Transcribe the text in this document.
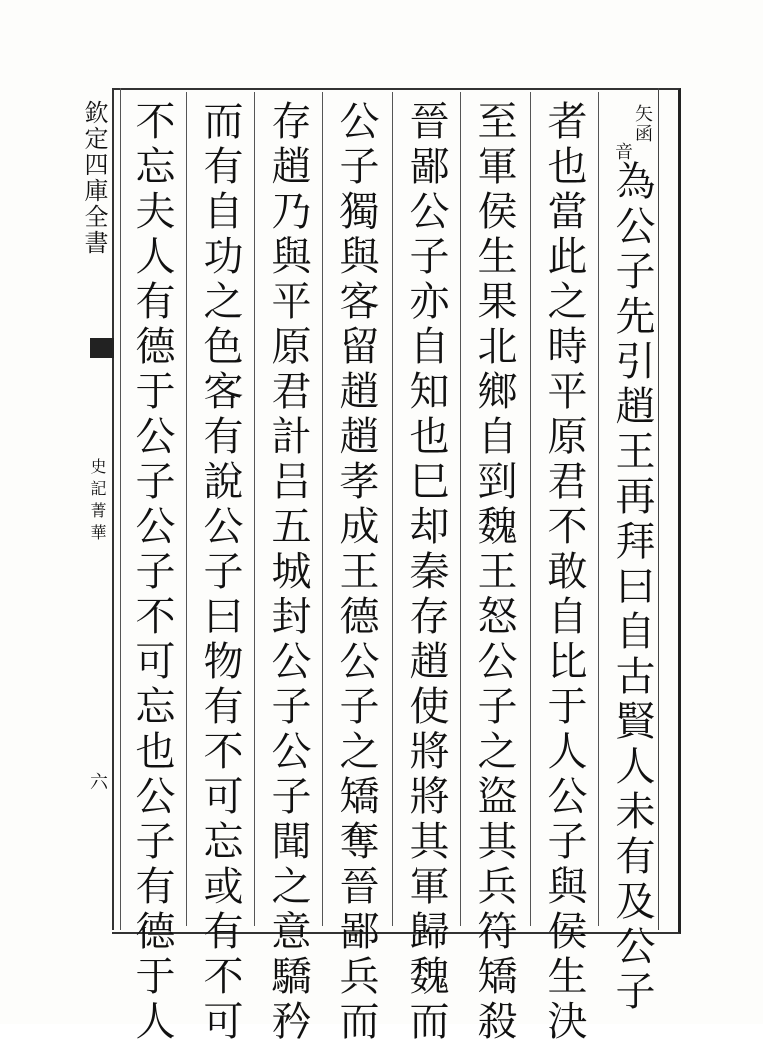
欽定四庫全書
史記菁華
六
矢函
音
為公子先引趙王再拜曰自古賢人未有及公子
者也當此之時平原君不敢自比于人公子與侯生決
至軍侯生果北鄉自剄魏王怒公子之盜其兵符矯殺
晉鄙公子亦自知也巳却秦存趙使將將其軍歸魏而
公子獨與客留趙趙孝成王德公子之矯奪晉鄙兵而
存趙乃與平原君計吕五城封公子公子聞之意驕矜
而有自功之色客有說公子曰物有不可忘或有不可
不忘夫人有德于公子公子不可忘也公子有德于人
